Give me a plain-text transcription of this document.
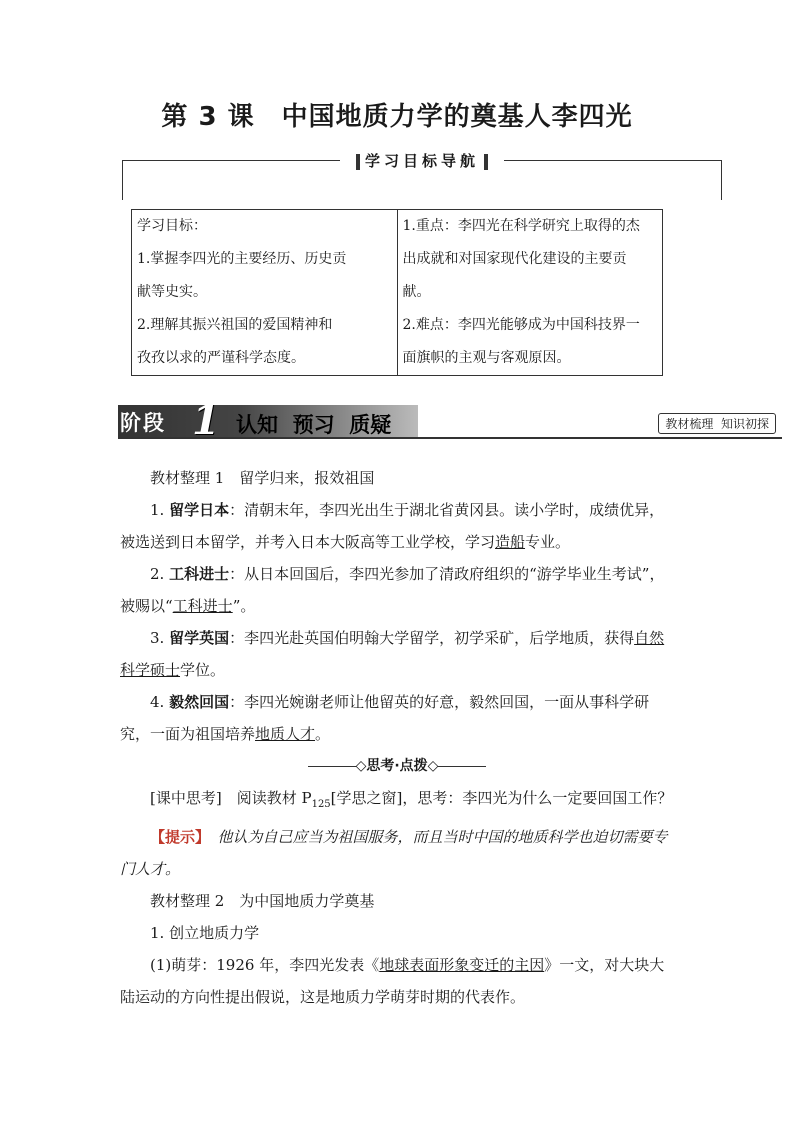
第 3 课　中国地质力学的奠基人李四光
学习目标导航
学习目标：
1.掌握李四光的主要经历、历史贡
献等史实。
2.理解其振兴祖国的爱国精神和
孜孜以求的严谨科学态度。

1.重点：李四光在科学研究上取得的杰
出成就和对国家现代化建设的主要贡
献。
2.难点：李四光能够成为中国科技界一
面旗帜的主观与客观原因。
阶段 1 认知  预习  质疑	教材梳理  知识初探

教材整理 1　留学归来，报效祖国

1. 留学日本：清朝末年，李四光出生于湖北省黄冈县。读小学时，成绩优异，被选送到日本留学，并考入日本大阪高等工业学校，学习造船专业。

2. 工科进士：从日本回国后，李四光参加了清政府组织的“游学毕业生考试”，被赐以“工科进士”。

3. 留学英国：李四光赴英国伯明翰大学留学，初学采矿，后学地质，获得自然科学硕士学位。

4. 毅然回国：李四光婉谢老师让他留英的好意，毅然回国，一面从事科学研究，一面为祖国培养地质人才。

◇思考·点拨◇

[课中思考]　阅读教材 $P_{125}$[学思之窗]，思考：李四光为什么一定要回国工作？

【提示】　 他认为自己应当为祖国服务，而且当时中国的地质科学也迫切需要专门人才。

教材整理 2　为中国地质力学奠基

1. 创立地质力学

(1)萌芽：1926 年，李四光发表《地球表面形象变迁的主因》一文，对大块大陆运动的方向性提出假说，这是地质力学萌芽时期的代表作。
